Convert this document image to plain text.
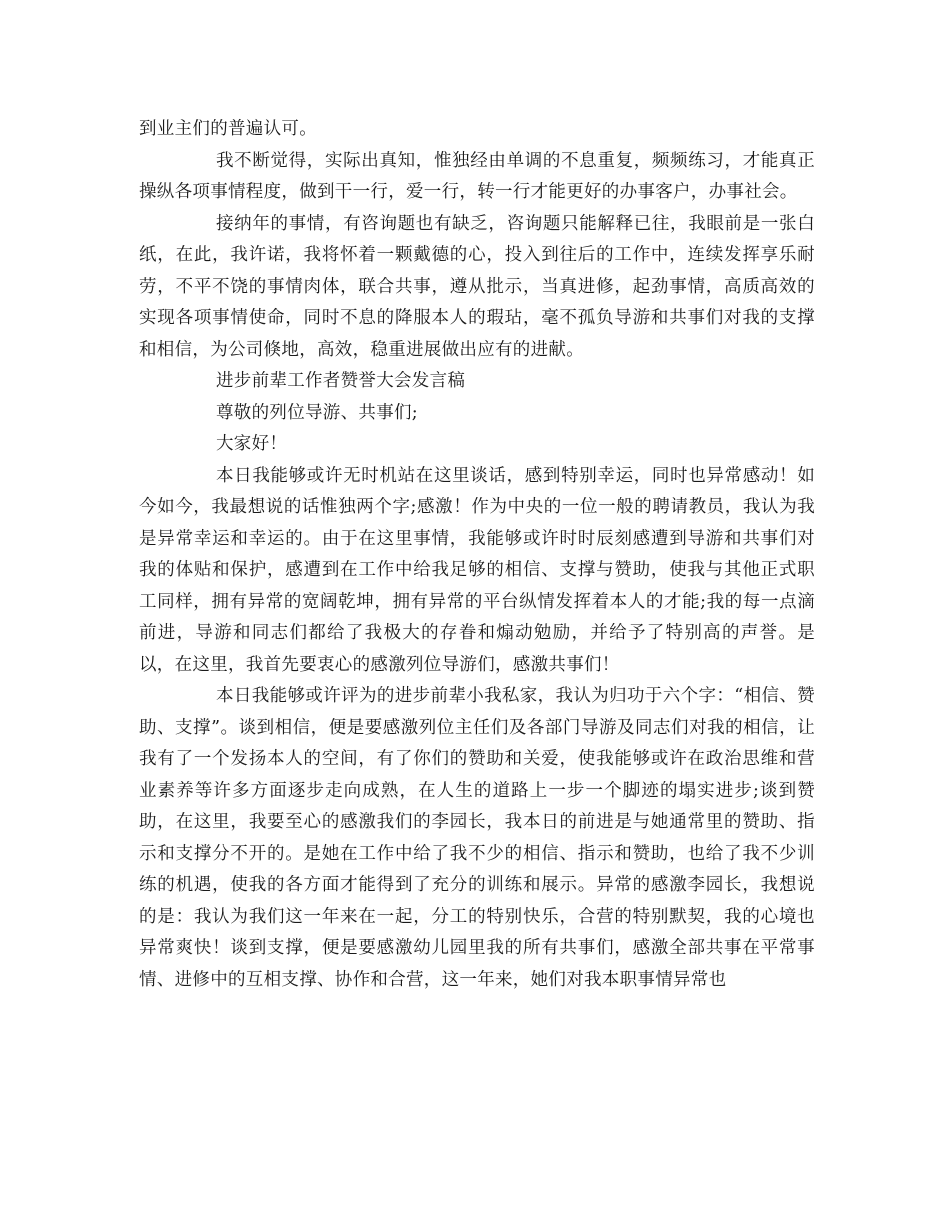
到业主们的普遍认可。

我不断觉得，实际出真知，惟独经由单调的不息重复，频频练习，才能真正操纵各项事情程度，做到干一行，爱一行，转一行才能更好的办事客户，办事社会。

接纳年的事情，有咨询题也有缺乏，咨询题只能解释已往，我眼前是一张白纸，在此，我许诺，我将怀着一颗戴德的心，投入到往后的工作中，连续发挥享乐耐劳，不平不饶的事情肉体，联合共事，遵从批示，当真进修，起劲事情，高质高效的实现各项事情使命，同时不息的降服本人的瑕玷，毫不孤负导游和共事们对我的支撑和相信，为公司倏地，高效，稳重进展做出应有的进献。

进步前辈工作者赞誉大会发言稿

尊敬的列位导游、共事们;

大家好！

本日我能够或许无时机站在这里谈话，感到特别幸运，同时也异常感动！如今如今，我最想说的话惟独两个字;感激！作为中央的一位一般的聘请教员，我认为我是异常幸运和幸运的。由于在这里事情，我能够或许时时辰刻感遭到导游和共事们对我的体贴和保护，感遭到在工作中给我足够的相信、支撑与赞助，使我与其他正式职工同样，拥有异常的宽阔乾坤，拥有异常的平台纵情发挥着本人的才能;我的每一点滴前进，导游和同志们都给了我极大的存眷和煽动勉励，并给予了特别高的声誉。是以，在这里，我首先要衷心的感激列位导游们，感激共事们！

本日我能够或许评为的进步前辈小我私家，我认为归功于六个字：“相信、赞助、支撑”。谈到相信，便是要感激列位主任们及各部门导游及同志们对我的相信，让我有了一个发扬本人的空间，有了你们的赞助和关爱，使我能够或许在政治思维和营业素养等许多方面逐步走向成熟，在人生的道路上一步一个脚迹的塌实进步;谈到赞助，在这里，我要至心的感激我们的李园长，我本日的前进是与她通常里的赞助、指示和支撑分不开的。是她在工作中给了我不少的相信、指示和赞助，也给了我不少训练的机遇，使我的各方面才能得到了充分的训练和展示。异常的感激李园长，我想说的是：我认为我们这一年来在一起，分工的特别快乐，合营的特别默契，我的心境也异常爽快！谈到支撑，便是要感激幼儿园里我的所有共事们，感激全部共事在平常事情、进修中的互相支撑、协作和合营，这一年来，她们对我本职事情异常也
